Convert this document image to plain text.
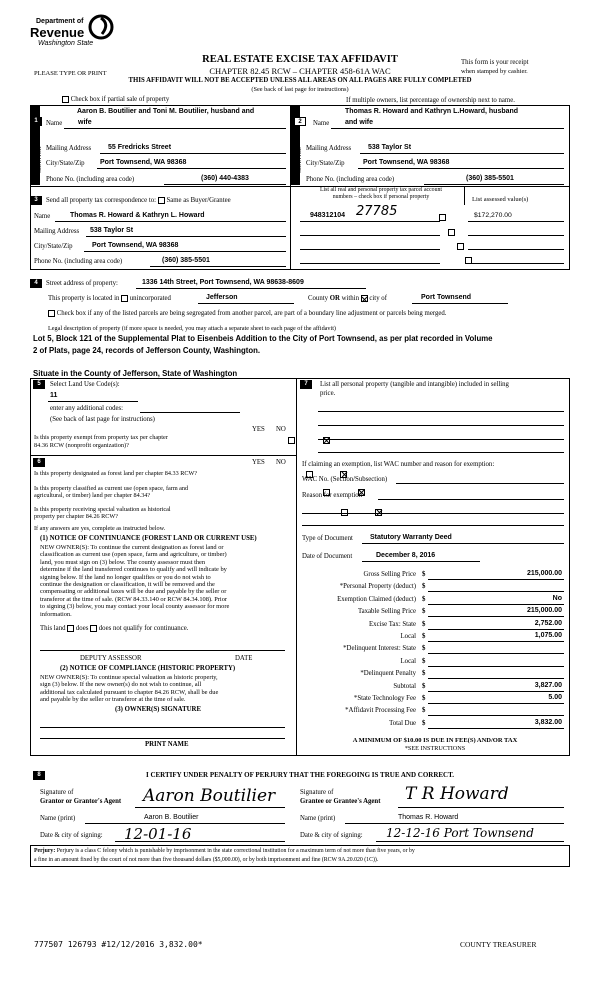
Department of
Revenue
Washington State
PLEASE TYPE OR PRINT
REAL ESTATE EXCISE TAX AFFIDAVIT
CHAPTER 82.45 RCW – CHAPTER 458-61A WAC
THIS AFFIDAVIT WILL NOT BE ACCEPTED UNLESS ALL AREAS ON ALL PAGES ARE FULLY COMPLETED
(See back of last page for instructions)
This form is your receipt
when stamped by cashier.
Check box if partial sale of property	If multiple owners, list percentage of ownership next to name.
1	2
SELLER GRANTOR
Aaron B. Boutilier and Toni M. Boutilier, husband and
Name wife
Mailing Address 55 Fredricks Street
City/State/Zip Port Townsend, WA 98368
Phone No. (including area code)	(360) 440-4383
BUYER GRANTEE
Thomas R. Howard and Kathryn L.Howard, husband
Name and wife
Mailing Address 538 Taylor St
City/State/Zip	Port Townsend, WA 98368
Phone No. (including area code)	(360) 385-5501
3	Send all property tax correspondence to: Same as Buyer/Grantee
Name	Thomas R. Howard & Kathryn L. Howard
Mailing Address 538 Taylor St
City/State/Zip	Port Townsend, WA 98368
Phone No. (including area code)	(360) 385-5501
List all real and personal property tax parcel account
numbers – check box if personal property	List assessed value(s)
948312104 27785	$172,270.00

4	Street address of property:	1336 14th Street, Port Townsend, WA 98638-8609
This property is located in unincorporated	Jefferson	County OR within city of	Port Townsend
Check box if any of the listed parcels are being segregated from another parcel, are part of a boundary line adjustment or parcels being merged.
Legal description of property (if more space is needed, you may attach a separate sheet to each page of the affidavit)
Lot 5, Block 121 of the Supplemental Plat to Eisenbeis Addition to the City of Port Townsend, as per plat recorded in Volume
2 of Plats, page 24, records of Jefferson County, Washington.
Situate in the County of Jefferson, State of Washington
5	Select Land Use Code(s):
11
enter any additional codes:
(See back of last page for instructions)
YES NO
Is this property exempt from property tax per chapter
84.36 RCW (nonprofit organization)?

6	YES NO
Is this property designated as forest land per chapter 84.33 RCW?

Is this property classified as current use (open space, farm and
agricultural, or timber) land per chapter 84.34?

Is this property receiving special valuation as historical
property per chapter 84.26 RCW?

If any answers are yes, complete as instructed below.
(1) NOTICE OF CONTINUANCE (FOREST LAND OR CURRENT USE)
NEW OWNER(S): To continue the current designation as forest land or
classification as current use (open space, farm and agriculture, or timber)
land, you must sign on (3) below. The county assessor must then
determine if the land transferred continues to qualify and will indicate by
signing below. If the land no longer qualifies or you do not wish to
continue the designation or classification, it will be removed and the
compensating or additional taxes will be due and payable by the seller or
transferor at the time of sale. (RCW 84.33.140 or RCW 84.34.108). Prior
to signing (3) below, you may contact your local county assessor for more
information.
This land does does not qualify for continuance.
DEPUTY ASSESSOR	DATE
(2) NOTICE OF COMPLIANCE (HISTORIC PROPERTY)
NEW OWNER(S): To continue special valuation as historic property,
sign (3) below. If the new owner(s) do not wish to continue, all
additional tax calculated pursuant to chapter 84.26 RCW, shall be due
and payable by the seller or transferor at the time of sale.
(3) OWNER(S) SIGNATURE
PRINT NAME
7	List all personal property (tangible and intangible) included in selling
price.
If claiming an exemption, list WAC number and reason for exemption:
WAC No. (Section/Subsection)
Reason for exemption
Type of Document Statutory Warranty Deed
Date of Document	December 8, 2016
Gross Selling Price $	215,000.00
*Personal Property (deduct) $
Exemption Claimed (deduct) $	No
Taxable Selling Price $	215,000.00
Excise Tax: State $	2,752.00
Local $	1,075.00
*Delinquent Interest: State $
Local $
*Delinquent Penalty $
Subtotal $	3,827.00
*State Technology Fee $	5.00
*Affidavit Processing Fee $
Total Due $	3,832.00
A MINIMUM OF $10.00 IS DUE IN FEE(S) AND/OR TAX
*SEE INSTRUCTIONS
8	I CERTIFY UNDER PENALTY OF PERJURY THAT THE FOREGOING IS TRUE AND CORRECT.
Signature of
Grantor or Grantor's Agent Aaron Boutilier	Signature of
Grantee or Grantee's Agent T R Howard
Name (print)	Aaron B. Boutilier	Name (print)	Thomas R. Howard
Date & city of signing: 12-01-16	Date & city of signing: 12-12-16 Port Townsend
Perjury: Perjury is a class C felony which is punishable by imprisonment in the state correctional institution for a maximum term of not more than five years, or by
a fine in an amount fixed by the court of not more than five thousand dollars ($5,000.00), or by both imprisonment and fine (RCW 9A.20.020 (1C)).
777507 126793 #12/12/2016 3,832.00*	COUNTY TREASURER
